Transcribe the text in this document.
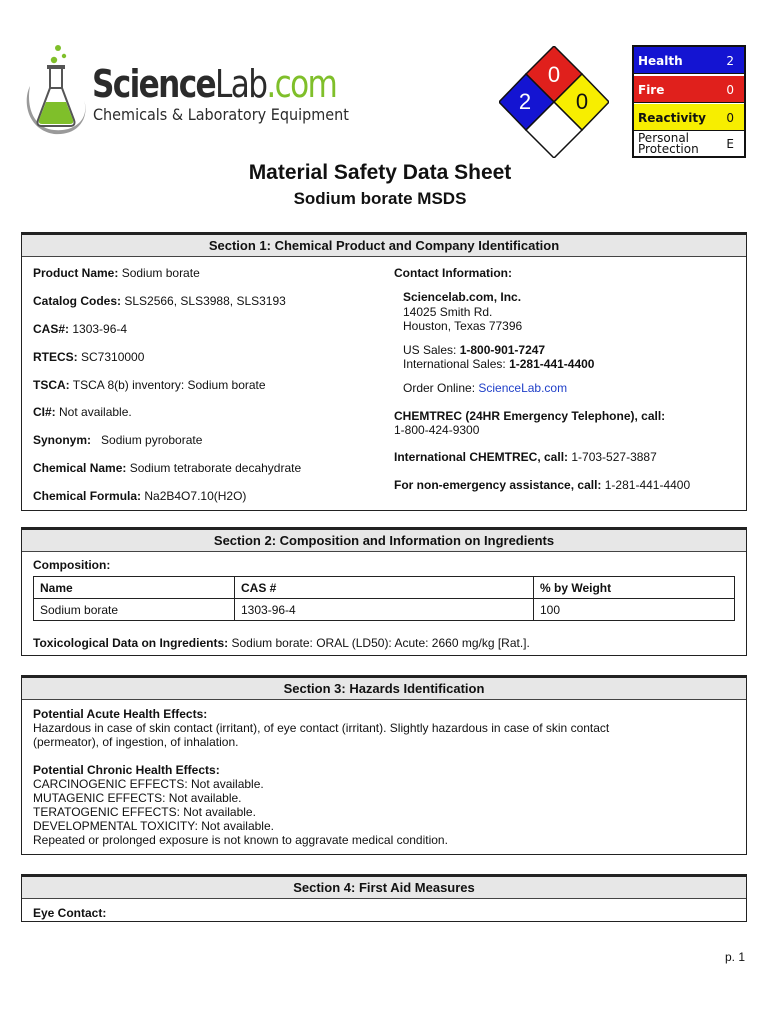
ScienceLab.com
Chemicals & Laboratory Equipment
0
2 0
Health	2
Fire	0
Reactivity 0
Personal
Protection E
Material Safety Data Sheet
Sodium borate MSDS
Section 1: Chemical Product and Company Identification
Product Name: Sodium borate
Catalog Codes: SLS2566, SLS3988, SLS3193
CAS#: 1303-96-4
RTECS: SC7310000
TSCA: TSCA 8(b) inventory: Sodium borate
CI#: Not available.
Synonym:   Sodium pyroborate
Chemical Name: Sodium tetraborate decahydrate
Chemical Formula: Na2B4O7.10(H2O)
Contact Information:
Sciencelab.com, Inc.
14025 Smith Rd.
Houston, Texas 77396
US Sales: 1-800-901-7247
International Sales: 1-281-441-4400
Order Online: ScienceLab.com
CHEMTREC (24HR Emergency Telephone), call:
1-800-424-9300
International CHEMTREC, call: 1-703-527-3887
For non-emergency assistance, call: 1-281-441-4400
Section 2: Composition and Information on Ingredients
Composition:
Name	CAS #	% by Weight
Sodium borate	1303-96-4	100
Toxicological Data on Ingredients: Sodium borate: ORAL (LD50): Acute: 2660 mg/kg [Rat.].
Section 3: Hazards Identification
Potential Acute Health Effects:
Hazardous in case of skin contact (irritant), of eye contact (irritant). Slightly hazardous in case of skin contact
(permeator), of ingestion, of inhalation.
Potential Chronic Health Effects:
CARCINOGENIC EFFECTS: Not available.
MUTAGENIC EFFECTS: Not available.
TERATOGENIC EFFECTS: Not available.
DEVELOPMENTAL TOXICITY: Not available.
Repeated or prolonged exposure is not known to aggravate medical condition.
Section 4: First Aid Measures
Eye Contact:
p. 1
